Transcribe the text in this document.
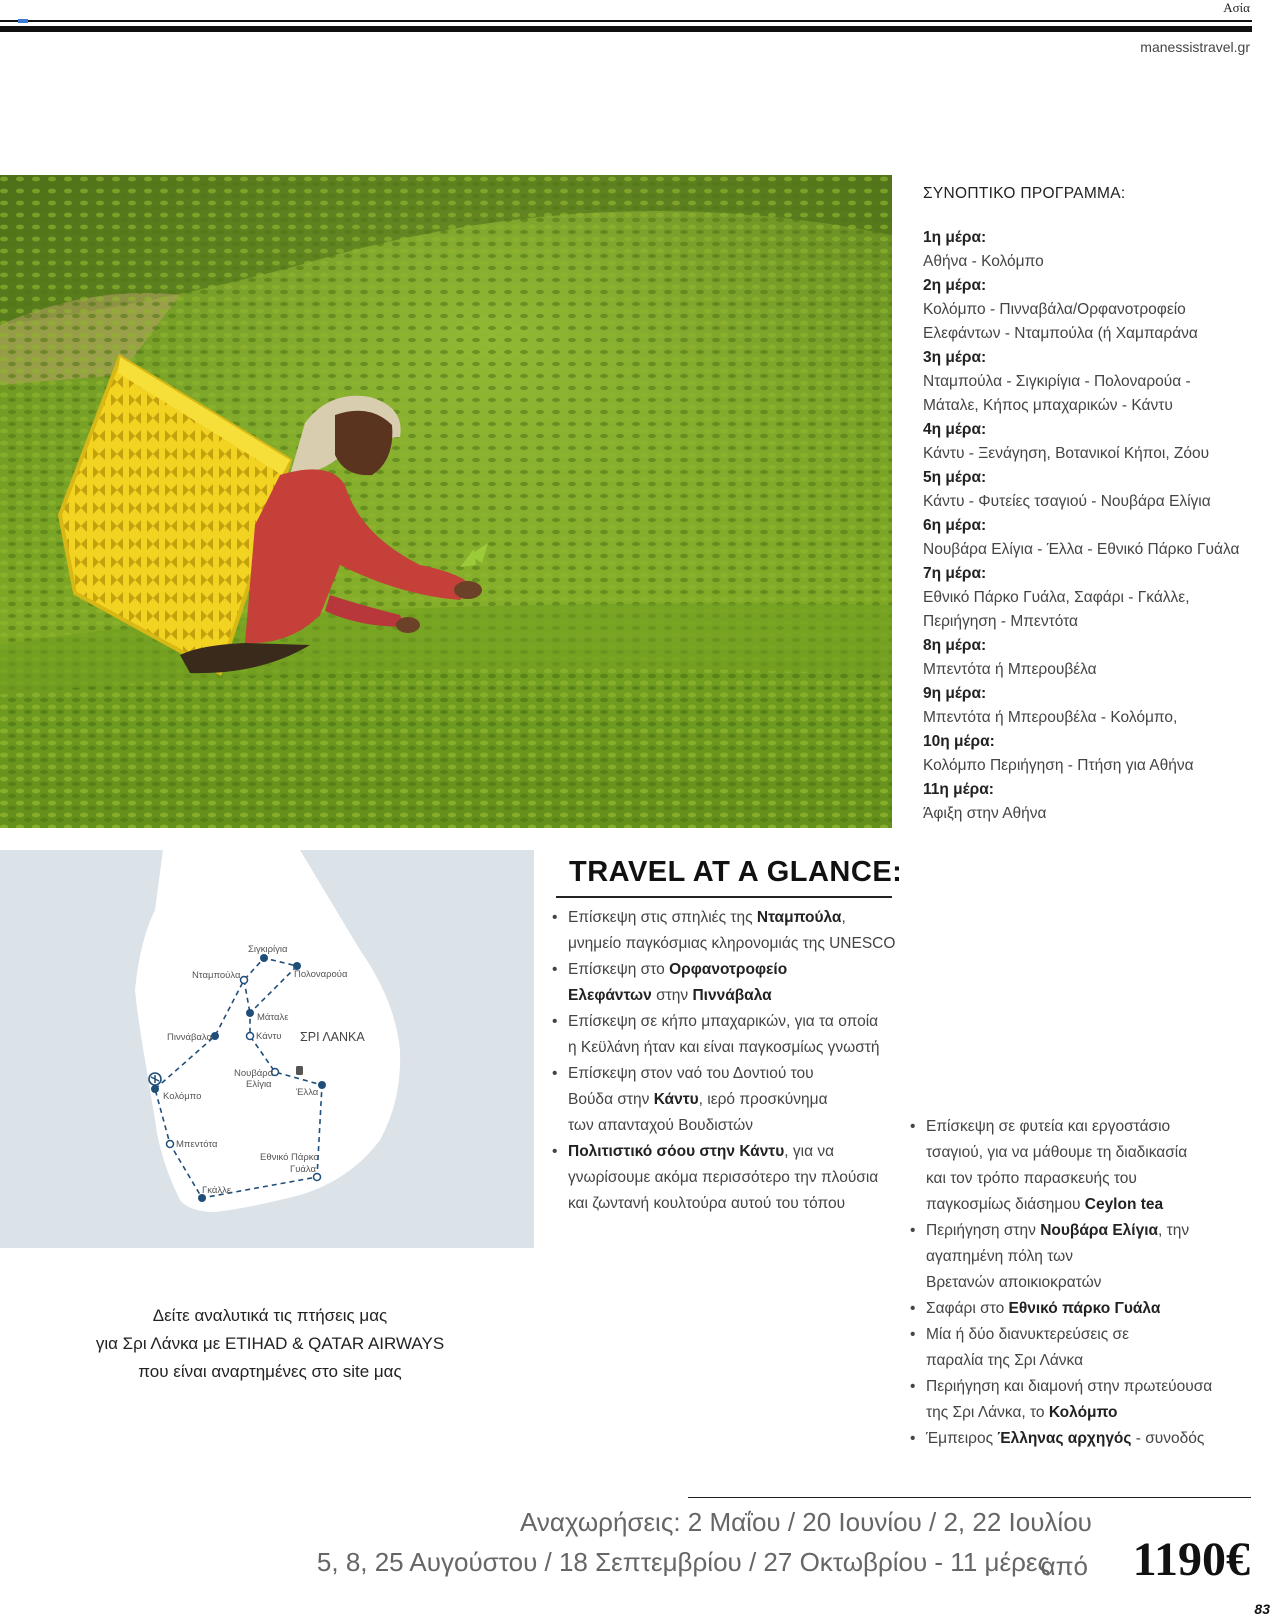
Ασία
manessistravel.gr
ΣΥΝΟΠΤΙΚΟ ΠΡΟΓΡΑΜΜΑ:
1η μέρα:
Αθήνα - Κολόμπο
2η μέρα:
Κολόμπο - Πινναβάλα/Ορφανοτροφείο
Ελεφάντων - Νταμπούλα (ή Χαμπαράνα
3η μέρα:
Νταμπούλα - Σιγκιρίγια - Πολοναρούα -
Μάταλε, Κήπος μπαχαρικών - Κάντυ
4η μέρα:
Κάντυ - Ξενάγηση, Βοτανικοί Κήποι, Ζόου
5η μέρα:
Κάντυ - Φυτείες τσαγιού - Νουβάρα Ελίγια
6η μέρα:
Νουβάρα Ελίγια - Έλλα - Εθνικό Πάρκο Γυάλα
7η μέρα:
Εθνικό Πάρκο Γυάλα, Σαφάρι - Γκάλλε,
Περιήγηση - Μπεντότα
8η μέρα:
Μπεντότα ή Μπερουβέλα
9η μέρα:
Μπεντότα ή Μπερουβέλα - Κολόμπο,
10η μέρα:
Κολόμπο Περιήγηση - Πτήση για Αθήνα
11η μέρα:
Άφιξη στην Αθήνα
Σιγκιρίγια
Νταμπούλα	Πολοναρούα
Μάταλε
Κάντυ
Πιννάβαλα
Νουβάρα
Ελίγια
Έλλα
Κολόμπο
Μπεντότα
Εθνικό Πάρκο
Γυάλα
Γκάλλε
ΣΡΙ ΛΑΝΚΑ
TRAVEL AT A GLANCE:
• Επίσκεψη στις σπηλιές της Νταμπούλα,
μνημείο παγκόσμιας κληρονομιάς της UNESCO
• Επίσκεψη στο Ορφανοτροφείο
Ελεφάντων στην Πιννάβαλα
• Επίσκεψη σε κήπο μπαχαρικών, για τα οποία
η Κεϋλάνη ήταν και είναι παγκοσμίως γνωστή
• Επίσκεψη στον ναό του Δοντιού του
Βούδα στην Κάντυ, ιερό προσκύνημα
των απανταχού Βουδιστών
• Πολιτιστικό σόου στην Κάντυ, για να
γνωρίσουμε ακόμα περισσότερο την πλούσια
και ζωντανή κουλτούρα αυτού του τόπου
• Επίσκεψη σε φυτεία και εργοστάσιο
τσαγιού, για να μάθουμε τη διαδικασία
και τον τρόπο παρασκευής του
παγκοσμίως διάσημου Ceylon tea
• Περιήγηση στην Νουβάρα Ελίγια, την
αγαπημένη πόλη των
Βρετανών αποικιοκρατών
• Σαφάρι στο Εθνικό πάρκο Γυάλα
• Μία ή δύο διανυκτερεύσεις σε
παραλία της Σρι Λάνκα
• Περιήγηση και διαμονή στην πρωτεύουσα
της Σρι Λάνκα, το Κολόμπο
• Έμπειρος Έλληνας αρχηγός - συνοδός
Δείτε αναλυτικά τις πτήσεις μας
για Σρι Λάνκα με ETIHAD & QATAR AIRWAYS
που είναι αναρτημένες στο site μας
Αναχωρήσεις: 2 Μαΐου / 20 Ιουνίου / 2, 22 Ιουλίου
5, 8, 25 Αυγούστου / 18 Σεπτεμβρίου / 27 Οκτωβρίου - 11 μέρες
από 1190€
83
